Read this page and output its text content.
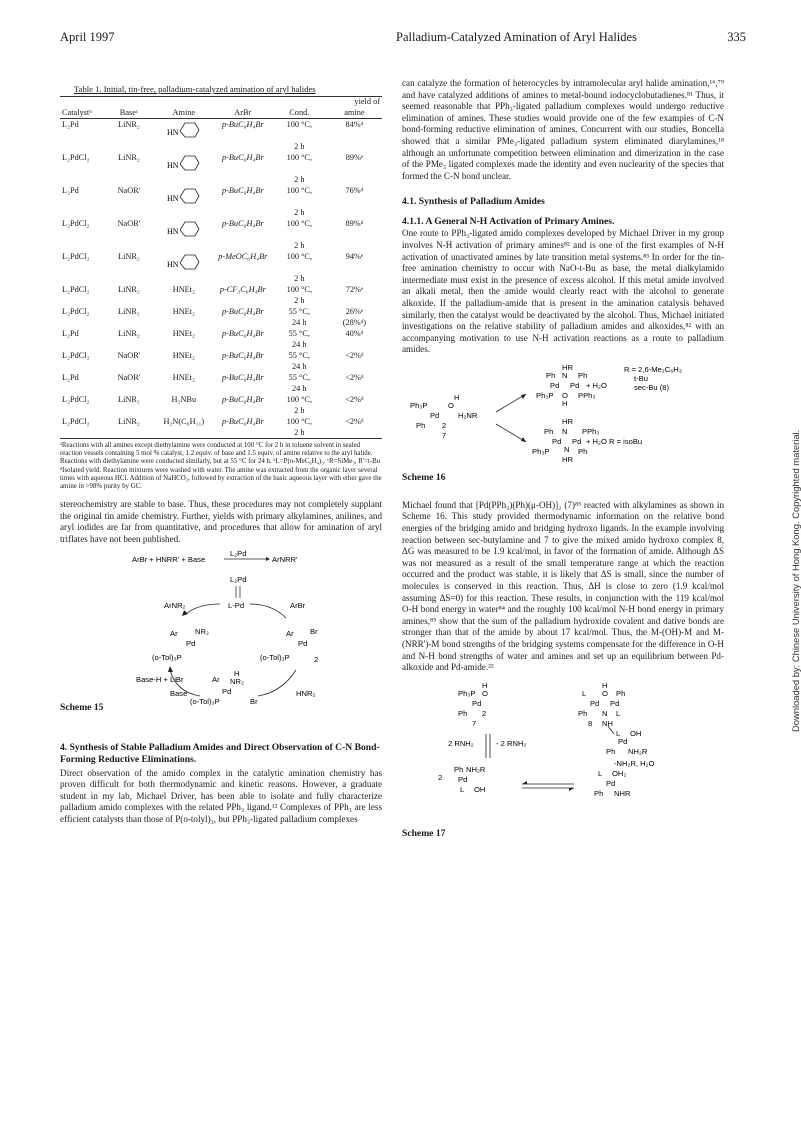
April 1997	Palladium-Catalyzed Amination of Aryl Halides	335
Table 1. Initial, tin-free, palladium-catalyzed amination of aryl halides
					yield of
Catalystᵇ	Baseᶜ	Amine	ArBr	Cond.	amine
L₂Pd	LiNR₂	HN	p-BuC₆H₄Br	100 °C,	84%ᵈ
				2 h	
L₂PdCl₂	LiNR₂	HN	p-BuC₆H₄Br	100 °C,	89%ᵉ
				2 h	
L₂Pd	NaOR'	HN	p-BuC₆H₄Br	100 °C,	76%ᵈ
				2 h	
L₂PdCl₂	NaOR'	HN	p-BuC₆H₄Br	100 °C,	89%ᵈ
				2 h	
L₂PdCl₂	LiNR₂	HN	p-MeOC₆H₄Br	100 °C,	94%ᵉ
				2 h	
L₂PdCl₂	LiNR₂	HNEt₂	p-CF₃C₆H₄Br	100 °C,	72%ᵉ
				2 h	
L₂PdCl₂	LiNR₂	HNEt₂	p-BuC₆H₄Br	55 °C,	26%ᵉ
				24 h	(28%ᵈ)
L₂Pd	LiNR₂	HNEt₂	p-BuC₆H₄Br	55 °C,	40%ᵈ
				24 h	
L₂PdCl₂	NaOR'	HNEt₂	p-BuC₆H₄Br	55 °C,	<2%ᵈ
				24 h	
L₂Pd	NaOR'	HNEt₂	p-BuC₆H₄Br	55 °C,	<2%ᵈ
				24 h	
L₂PdCl₂	LiNR₂	H₂NBu	p-BuC₆H₄Br	100 °C,	<2%ᵈ
				2 h	
L₂PdCl₂	LiNR₂	H₂N(C₆H₁₁)	p-BuC₆H₄Br	100 °C,	<2%ᵈ
				2 h	
ᵃReactions with all amines except diethylamine were conducted at 100 °C for 2 h in toluene solvent in sealed reaction vessels containing 5 mol % catalyst, 1.2 equiv. of base and 1.5 equiv. of amine relative to the aryl halide. Reactions with diethylamine were conducted similarly, but at 55 °C for 24 h. ᵇL=P(o-MeC₆H₄)₃. ᶜR=SiMe₃, R'=t-Bu ᵈIsolated yield. Reaction mixtures were washed with water. The amine was extracted from the organic layer several times with aqueous HCl. Addition of NaHCO₃, followed by extraction of the basic aqueous layer with ether gave the amine in >98% purity by GC.
stereochemistry are stable to base. Thus, these procedures may not completely supplant the original tin amide chemistry. Further, yields with primary alkylamines, anilines, and aryl iodides are far from quantitative, and procedures that allow for amination of aryl triflates have not been published.
ArBr + HNRR' + Base
L₂Pd
ArNRR'
L₂Pd
L-Pd
ArNR₂	ArBr
Ar NR₂
Pd
(o-Tol)₃P
Ar Br
Pd
(o-Tol)₃P	2
Base-H + LiBr	Ar
H
NR₂
Pd
(o-Tol)₃P	Br
Base	HNR₂
Scheme 15
4. Synthesis of Stable Palladium Amides and Direct Observation of C-N Bond-Forming Reductive Eliminations.
Direct observation of the amido complex in the catalytic amination chemistry has proven difficult for both thermodynamic and kinetic reasons. However, a graduate student in my lab, Michael Driver, has been able to isolate and fully characterize palladium amido complexes with the related PPh₃ ligand.¹² Complexes of PPh₃ are less efficient catalysts than those of P(o-tolyl)₃, but PPh₃-ligated palladium complexes
can catalyze the formation of heterocycles by intramolecular aryl halide amination,¹⁶,⁷⁹ and have catalyzed additions of amines to metal-bound iodocyclobutadienes.⁸¹ Thus, it seemed reasonable that PPh₃-ligated palladium complexes would undergo reductive elimination of amines. These studies would provide one of the few examples of C-N bond-forming reductive elimination of amines. Concurrent with our studies, Boncella showed that a similar PMe₃-ligated palladium system eliminated diarylamines,¹⁸ although an unfortunate competition between elimination and dimerization in the case of the PMe₃ ligated complexes made the identity and even nuclearity of the species that formed the C-N bond unclear.
4.1. Synthesis of Palladium Amides
4.1.1. A General N-H Activation of Primary Amines.
One route to PPh₃-ligated amido complexes developed by Michael Driver in my group involves N-H activation of primary amines⁸² and is one of the first examples of N-H activation of unactivated amines by late transition metal systems.⁸³ In order for the tin-free amination chemistry to occur with NaO-t-Bu as base, the metal dialkylamido intermediate must exist in the presence of excess alcohol. If this metal amide involved an alkali metal, then the amide would clearly react with the alcohol to generate alkoxide. If the palladium-amide that is present in the amination catalysis behaved similarly, then the catalyst would be deactivated by the alcohol. Thus, Michael initiated investigations on the relative stability of palladium amides and alkoxides,⁸² with an accompanying motivation to use N-H activation reactions as a route to palladium amides.
HR
Ph N Ph
Pd Pd + H₂O
Ph₃P O PPh₃
H
R = 2,6-Me₂C₆H₃
t-Bu
sec-Bu (8)
H
Ph₃P	O
Pd H₂NR
Ph 2
7
HR
Ph N PPh₃
Pd Pd + H₂O R = isoBu
Ph₃P N Ph
HR
Scheme 16
Michael found that [Pd(PPh₃)(Ph)(μ-OH)]₂ (7)⁸³ reacted with alkylamines as shown in Scheme 16. This study provided thermodynamic information on the relative bond energies of the bridging amido and bridging hydroxo ligands. In the example involving reaction between sec-butylamine and 7 to give the mixed amido hydroxo complex 8, ΔG was measured to be 1.9 kcal/mol, in favor of the formation of amide. Although ΔS was not measured as a result of the small temperature range at which the reaction occurred and the product was stable, it is likely that ΔS is small, since the number of molecules is conserved in this reaction. Thus, ΔH is close to zero (1.9 kcal/mol assuming ΔS=0) for this reaction. These results, in conjunction with the 119 kcal/mol O-H bond energy in water⁸⁴ and the roughly 100 kcal/mol N-H bond energy in primary amines,⁸⁵ show that the sum of the palladium hydroxide covalent and dative bonds are stronger than that of the amide by about 17 kcal/mol. Thus, the M-(OH)-M and M-(NRR')-M bond strengths of the bridging systems compensate for the difference in O-H and N-H bond strengths of water and amines and set up an equilibrium between Pd-alkoxide and Pd-amide.²²
H
Ph₃P O
Pd
Ph 2
7
H
L O Ph
Pd Pd
Ph N L
8 NH
2 RNH₂	- 2 RNH₂
L OH
Pd
Ph NH₂R
-NH₂R, H₂O
2
Ph NH₂R
Pd
L OH
L OH₂
Pd
Ph NHR
Scheme 17
Downloaded by: Chinese University of Hong Kong. Copyrighted material.
